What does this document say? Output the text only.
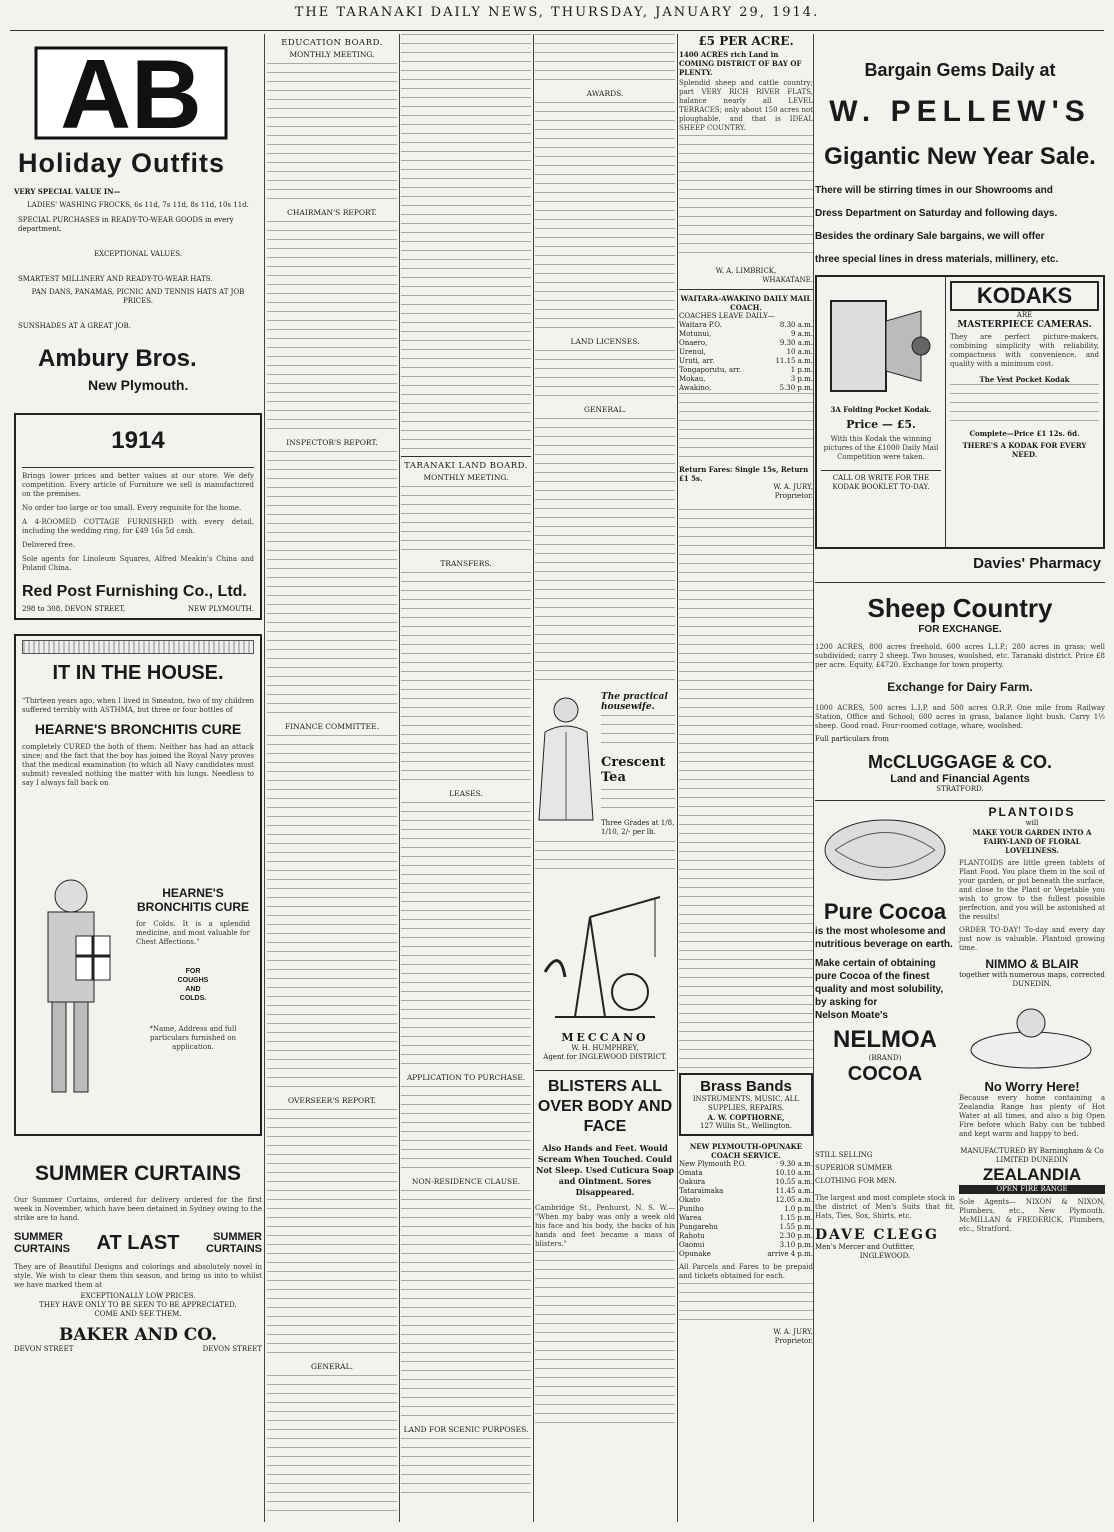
THE TARANAKI DAILY NEWS, THURSDAY, JANUARY 29, 1914.
AB
Holiday Outfits
VERY SPECIAL VALUE IN—
LADIES' WASHING FROCKS, 6s 11d, 7s 11d, 8s 11d, 10s 11d.
SPECIAL PURCHASES in READY-TO-WEAR GOODS in every department.
EXCEPTIONAL VALUES.
SMARTEST MILLINERY AND READY-TO-WEAR HATS.
PAN DANS, PANAMAS, PICNIC AND TENNIS HATS AT JOB PRICES.
SUNSHADES AT A GREAT JOB.
Ambury Bros.
New Plymouth.
1914
Brings lower prices and better values at our store. We defy competition. Every article of Furniture we sell is manufactured on the premises.
No order too large or too small. Every requisite for the home.
A 4-ROOMED COTTAGE FURNISHED with every detail, including the wedding ring, for £49 16s 5d cash.
Delivered free.
Sole agents for Linoleum Squares, Alfred Meakin's China and Poland China.
Red Post Furnishing Co., Ltd.
298 to 308, DEVON STREET,	NEW PLYMOUTH.
IT IN THE HOUSE.
"Thirteen years ago, when I lived in Smeaton, two of my children suffered terribly with ASTHMA, but three or four bottles of
HEARNE'S BRONCHITIS CURE
completely CURED the both of them. Neither has had an attack since; and the fact that the boy has joined the Royal Navy proves that the medical examination (to which all Navy candidates must submit) revealed nothing the matter with his lungs. Needless to say I always fall back on
HEARNE'S BRONCHITIS CURE
for Colds. It is a splendid medicine, and most valuable for Chest Affections."
FOR
COUGHS
AND
COLDS.
*Name, Address and full particulars furnished on application.
SUMMER CURTAINS
Our Summer Curtains, ordered for delivery ordered for the first week in November, which have been detained in Sydney owing to the strike are to hand.
SUMMER CURTAINS AT LAST	SUMMER CURTAINS
They are of Beautiful Designs and colorings and absolutely novel in style. We wish to clear them this season, and bring us into to whilst we have marked them at
EXCEPTIONALLY LOW PRICES.
THEY HAVE ONLY TO BE SEEN TO BE APPRECIATED.
COME AND SEE THEM.
BAKER AND CO.
DEVON STREET	DEVON STREET
EDUCATION BOARD.
MONTHLY MEETING.
CHAIRMAN'S REPORT.
INSPECTOR'S REPORT.
FINANCE COMMITTEE.
OVERSEER'S REPORT.
GENERAL.
TARANAKI LAND BOARD.
MONTHLY MEETING.
TRANSFERS.
LEASES.
APPLICATION TO PURCHASE.
NON-RESIDENCE CLAUSE.
LAND FOR SCENIC PURPOSES.
AWARDS.
LAND LICENSES.
GENERAL.
The practical housewife.
Crescent Tea
Three Grades at 1/8, 1/10, 2/- per lb.
MECCANO
W. H. HUMPHREY,
Agent for INGLEWOOD DISTRICT.
BLISTERS ALL OVER BODY AND FACE
Also Hands and Feet. Would Scream When Touched. Could Not Sleep. Used Cuticura Soap and Ointment. Sores Disappeared.
Cambridge St., Penhurst, N. S. W.— "When my baby was only a week old his face and his body, the backs of his hands and feet became a mass of blisters."
£5 PER ACRE.
1400 ACRES rich Land in COMING DISTRICT OF BAY OF PLENTY.
Splendid sheep and cattle country; part VERY RICH RIVER FLATS, balance nearly all LEVEL TERRACES; only about 150 acres not ploughable, and that is IDEAL SHEEP COUNTRY.
W. A. LIMBRICK,
WHAKATANE.
WAITARA-AWAKINO DAILY MAIL COACH.
COACHES LEAVE DAILY—
Waitara P.O.	8.30 a.m.
Motunui,	9 a.m.
Onaero,	9.30 a.m.
Urenui,	10 a.m.
Uruti, arr.	11.15 a.m.
Tongaporutu, arr.	1 p.m.
Mokau,	3 p.m.
Awakino,	5.30 p.m.
Return Fares: Single 15s, Return £1 5s.
W. A. JURY,
Proprietor.
Brass Bands
INSTRUMENTS, MUSIC, ALL SUPPLIES, REPAIRS.
A. W. COPTHORNE,
127 Willis St., Wellington.
NEW PLYMOUTH-OPUNAKE COACH SERVICE.
New Plymouth P.O.	9.30 a.m.
Omata	10.10 a.m.
Oakura	10.55 a.m.
Tataraimaka	11.45 a.m.
Okato	12.05 a.m.
Puniho	1.0 p.m.
Warea	1.15 p.m.
Pungarehu	1.55 p.m.
Rahotu	2.30 p.m.
Oaonui	3.10 p.m.
Opunake	arrive 4 p.m.
All Parcels and Fares to be prepaid and tickets obtained for each.
W. A. JURY,
Proprietor.
Bargain Gems Daily at
W. PELLEW'S
Gigantic New Year Sale.
There will be stirring times in our Showrooms and
Dress Department on Saturday and following days.
Besides the ordinary Sale bargains, we will offer
three special lines in dress materials, millinery, etc.
3A Folding Pocket Kodak.
Price — £5.
With this Kodak the winning pictures of the £1000 Daily Mail Competition were taken.
CALL OR WRITE FOR THE KODAK BOOKLET TO-DAY.
KODAKS
ARE
MASTERPIECE CAMERAS.
They are perfect picture-makers, combining simplicity with reliability, compactness with convenience, and quality with a minimum cost.
The Vest Pocket Kodak
Complete—Price £1 12s. 6d.
THERE'S A KODAK FOR EVERY NEED.
Davies' Pharmacy
Sheep Country
FOR EXCHANGE.
1200 ACRES, 800 acres freehold, 600 acres L.I.P.; 280 acres in grass; well subdivided; carry 2 sheep. Two houses, woolshed, etc. Taranaki district. Price £8 per acre. Equity, £4720. Exchange for town property.
Exchange for Dairy Farm.
1000 ACRES, 500 acres L.I.P. and 500 acres O.R.P. One mile from Railway Station, Office and School; 600 acres in grass, balance light bush. Carry 1½ sheep. Good road. Four-roomed cottage, whare, woolshed.
Full particulars from
McCLUGGAGE & CO.
Land and Financial Agents
STRATFORD.
Pure Cocoa
is the most wholesome and nutritious beverage on earth.
Make certain of obtaining pure Cocoa of the finest quality and most solubility, by asking for
Nelson Moate's
NELMOA
(BRAND)
COCOA
PLANTOIDS
will
MAKE YOUR GARDEN INTO A FAIRY-LAND OF FLORAL LOVELINESS.
PLANTOIDS are little green tablets of Plant Food. You place them in the soil of your garden, or put beneath the surface, and close to the Plant or Vegetable you wish to grow to the fullest possible perfection, and you will be astonished at the results!
ORDER TO-DAY! To-day and every day just now is valuable. Plantoid growing time.
NIMMO & BLAIR
together with numerous maps, corrected
DUNEDIN.
No Worry Here!
Because every home containing a Zealandia Range has plenty of Hot Water at all times, and also a big Open Fire before which Baby can be tubbed and kept warm and happy to bed.
STILL SELLING
SUPERIOR SUMMER
CLOTHING FOR MEN.
The largest and most complete stock in the district of Men's Suits that fit, Hats, Ties, Sox, Shirts, etc.
DAVE CLEGG
Men's Mercer and Outfitter,
INGLEWOOD.
MANUFACTURED BY Barningham & Co LIMITED DUNEDIN
ZEALANDIA
OPEN FIRE RANGE
Sole Agents— NIXON & NIXON, Plumbers, etc., New Plymouth. McMILLAN & FREDERICK, Plumbers, etc., Stratford.
